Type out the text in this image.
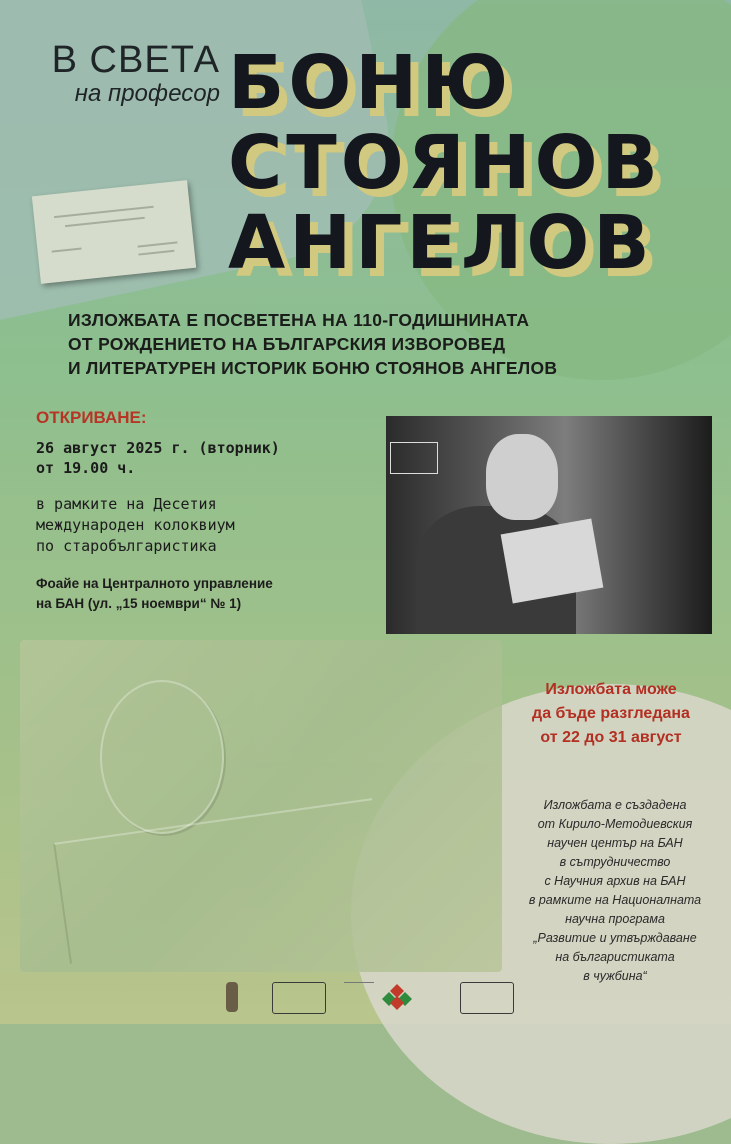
В СВЕТА
на професор БОНЮ
СТОЯНОВ
АНГЕЛОВ
ИЗЛОЖБАТА Е ПОСВЕТЕНА НА 110-ГОДИШНИНАТА
ОТ РОЖДЕНИЕТО НА БЪЛГАРСКИЯ ИЗВОРОВЕД
И ЛИТЕРАТУРЕН ИСТОРИК БОНЮ СТОЯНОВ АНГЕЛОВ
ОТКРИВАНЕ:
26 август 2025 г. (вторник)
от 19.00 ч.
в рамките на Десетия
международен колоквиум
по старобългаристика
Фоайе на Централното управление
на БАН (ул. „15 ноември“ № 1)
Изложбата може
да бъде разгледана
от 22 до 31 август
Изложбата е създадена
от Кирило-Методиевския
научен център на БАН
в сътрудничество
с Научния архив на БАН
в рамките на Националната
научна програма
„Развитие и утвърждаване
на българистиката
в чужбина“
